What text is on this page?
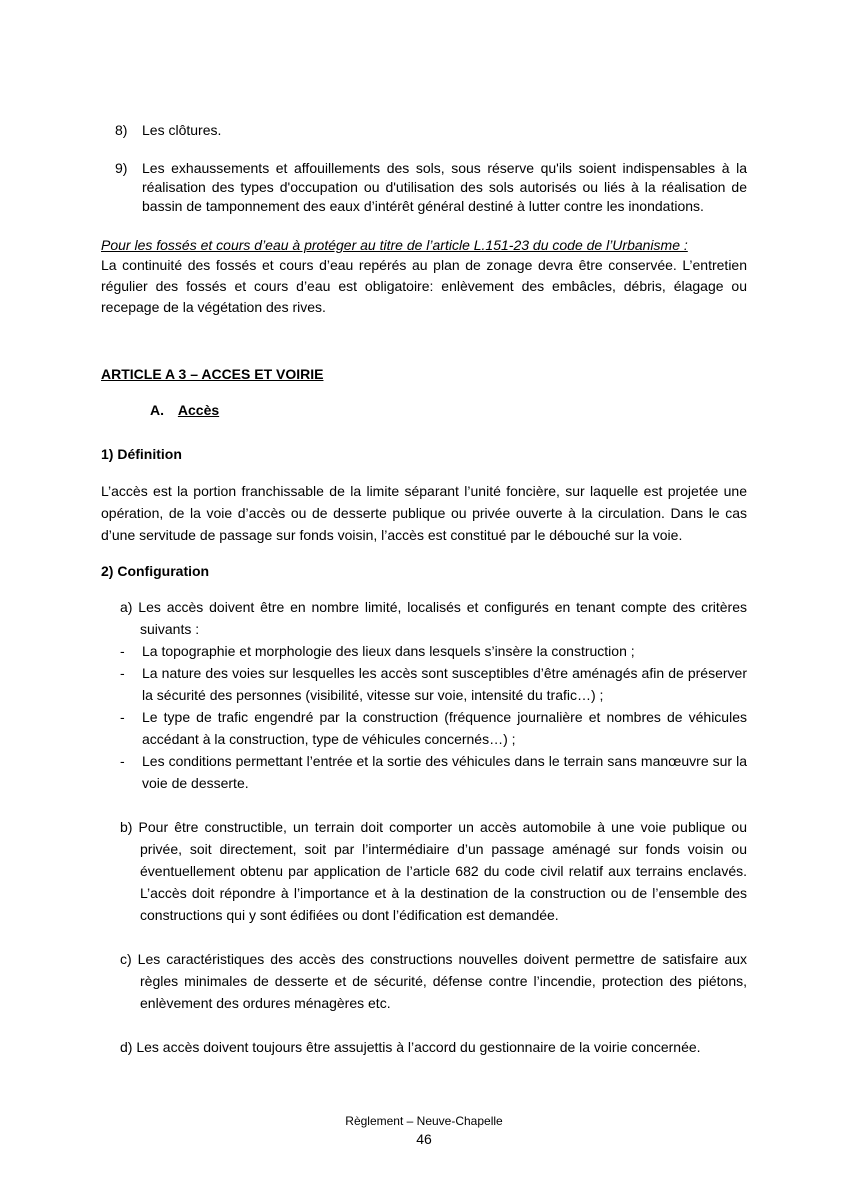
8) Les clôtures.
9) Les exhaussements et affouillements des sols, sous réserve qu'ils soient indispensables à la réalisation des types d'occupation ou d'utilisation des sols autorisés ou liés à la réalisation de bassin de tamponnement des eaux d’intérêt général destiné à lutter contre les inondations.

Pour les fossés et cours d’eau à protéger au titre de l’article L.151-23 du code de l’Urbanisme :

La continuité des fossés et cours d’eau repérés au plan de zonage devra être conservée. L’entretien régulier des fossés et cours d’eau est obligatoire: enlèvement des embâcles, débris, élagage ou recepage de la végétation des rives.

ARTICLE A 3 – ACCES ET VOIRIE

A. Accès

1) Définition

L’accès est la portion franchissable de la limite séparant l’unité foncière, sur laquelle est projetée une opération, de la voie d’accès ou de desserte publique ou privée ouverte à la circulation. Dans le cas d’une servitude de passage sur fonds voisin, l’accès est constitué par le débouché sur la voie.

2) Configuration

a) Les accès doivent être en nombre limité, localisés et configurés en tenant compte des critères suivants :
- La topographie et morphologie des lieux dans lesquels s’insère la construction ;
- La nature des voies sur lesquelles les accès sont susceptibles d’être aménagés afin de préserver la sécurité des personnes (visibilité, vitesse sur voie, intensité du trafic…) ;
- Le type de trafic engendré par la construction (fréquence journalière et nombres de véhicules accédant à la construction, type de véhicules concernés…) ;
- Les conditions permettant l’entrée et la sortie des véhicules dans le terrain sans manœuvre sur la voie de desserte.
b) Pour être constructible, un terrain doit comporter un accès automobile à une voie publique ou privée, soit directement, soit par l’intermédiaire d’un passage aménagé sur fonds voisin ou éventuellement obtenu par application de l’article 682 du code civil relatif aux terrains enclavés. L’accès doit répondre à l’importance et à la destination de la construction ou de l’ensemble des constructions qui y sont édifiées ou dont l’édification est demandée.
c) Les caractéristiques des accès des constructions nouvelles doivent permettre de satisfaire aux règles minimales de desserte et de sécurité, défense contre l’incendie, protection des piétons, enlèvement des ordures ménagères etc.
d) Les accès doivent toujours être assujettis à l’accord du gestionnaire de la voirie concernée.
Règlement – Neuve-Chapelle
46
